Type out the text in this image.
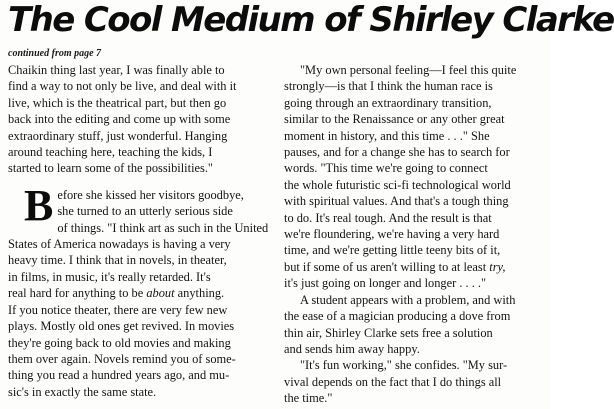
The Cool Medium of Shirley Clarke
continued from page 7

Chaikin thing last year, I was finally able to
find a way to not only be live, and deal with it
live, which is the theatrical part, but then go
back into the editing and come up with some
extraordinary stuff, just wonderful. Hanging
around teaching here, teaching the kids, I
started to learn some of the possibilities."

B efore she kissed her visitors goodbye,
she turned to an utterly serious side
of things. "I think art as such in the United
States of America nowadays is having a very
heavy time. I think that in novels, in theater,
in films, in music, it's really retarded. It's
real hard for anything to be about anything.
If you notice theater, there are very few new
plays. Mostly old ones get revived. In movies
they're going back to old movies and making
them over again. Novels remind you of some-
thing you read a hundred years ago, and mu-
sic's in exactly the same state.

"My own personal feeling—I feel this quite

strongly—is that I think the human race is
going through an extraordinary transition,
similar to the Renaissance or any other great
moment in history, and this time . . ." She
pauses, and for a change she has to search for
words. "This time we're going to connect
the whole futuristic sci-fi technological world
with spiritual values. And that's a tough thing
to do. It's real tough. And the result is that
we're floundering, we're having a very hard
time, and we're getting little teeny bits of it,
but if some of us aren't willing to at least try,
it's just going on longer and longer . . . ."

A student appears with a problem, and with

the ease of a magician producing a dove from
thin air, Shirley Clarke sets free a solution
and sends him away happy.

"It's fun working," she confides. "My sur-

vival depends on the fact that I do things all
the time."
